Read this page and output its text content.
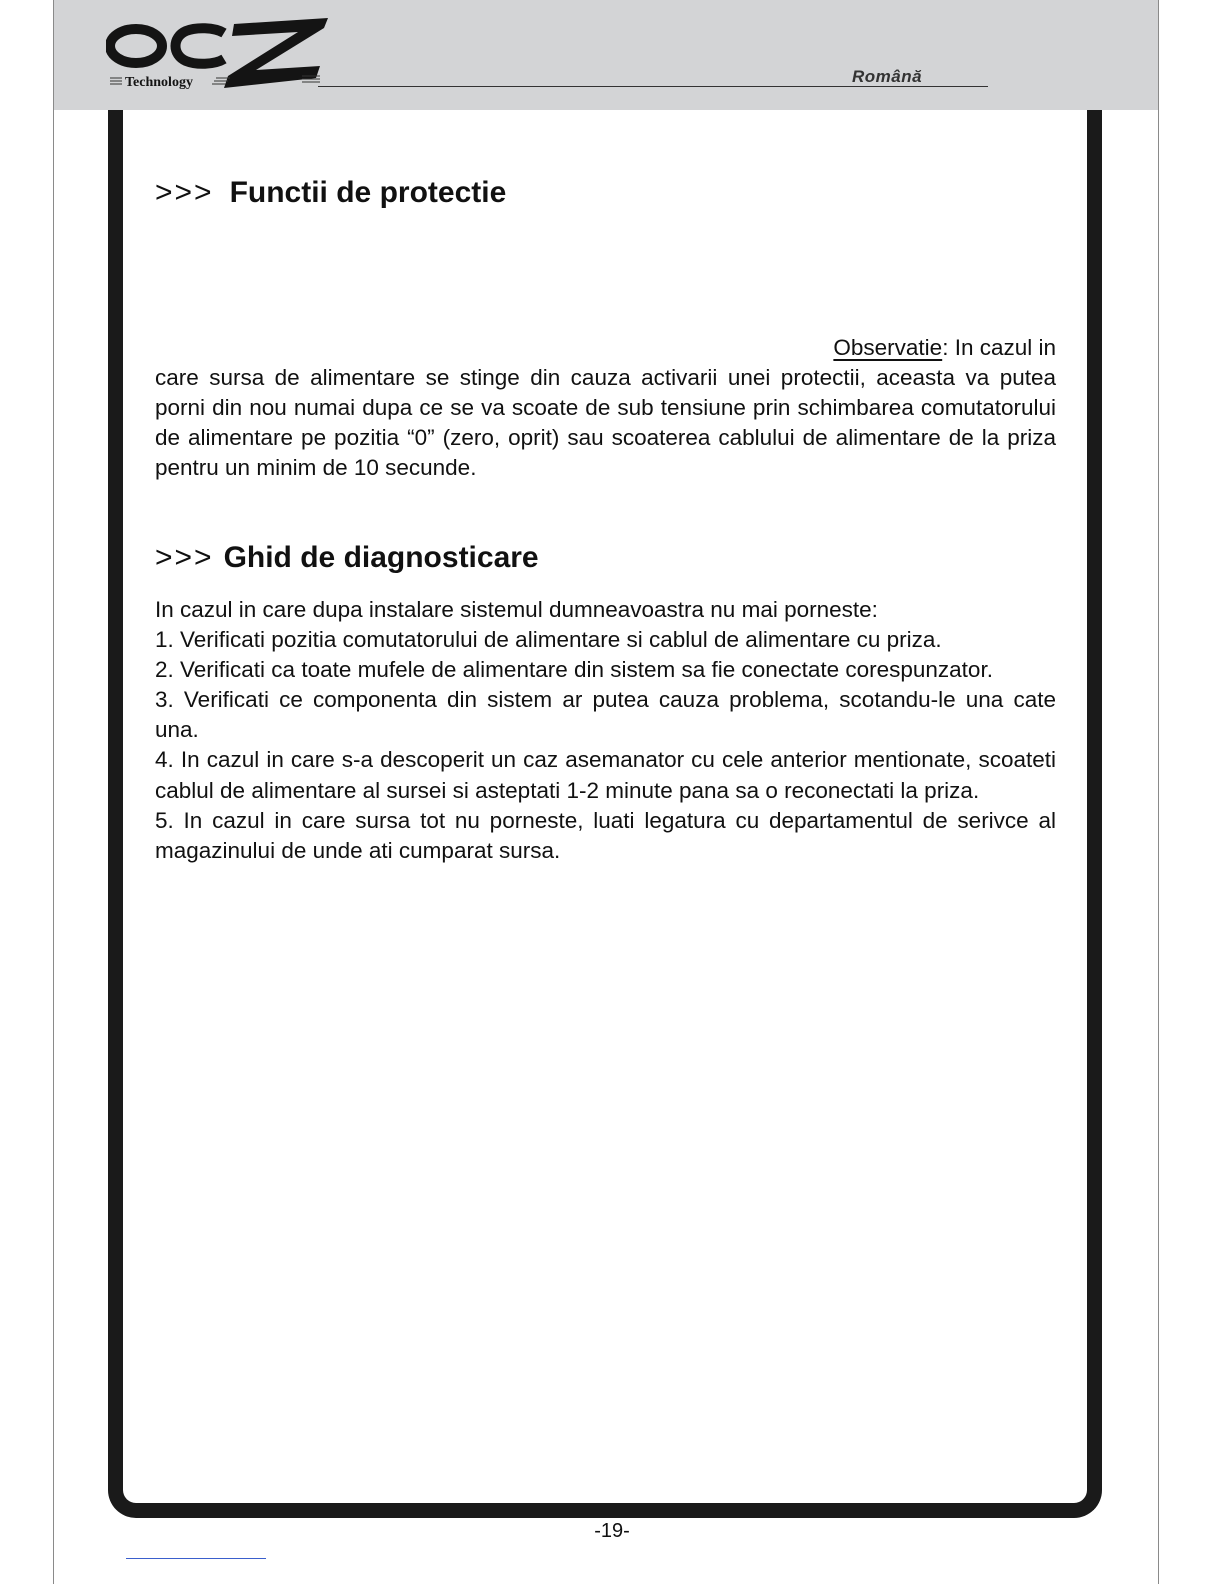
Technology	Română
>>> Functii de protectie
Observatie: In cazul in
care sursa de alimentare se stinge din cauza activarii unei protectii, aceasta va putea porni din nou numai dupa ce se va scoate de sub tensiune prin schimbarea comutatorului de alimentare pe pozitia “0” (zero, oprit) sau scoaterea cablului de alimentare de la priza pentru un minim de 10 secunde.
>>> Ghid de diagnosticare

In cazul in care dupa instalare sistemul dumneavoastra nu mai porneste:

1. Verificati pozitia comutatorului de alimentare si cablul de alimentare cu priza.

2. Verificati ca toate mufele de alimentare din sistem sa fie conectate corespunzator.

3. Verificati ce componenta din sistem ar putea cauza problema, scotandu-le una cate una.

4. In cazul in care s-a descoperit un caz asemanator cu cele anterior mentionate, scoateti cablul de alimentare al sursei si asteptati 1-2 minute pana sa o reconectati la priza.

5. In cazul in care sursa tot nu porneste, luati legatura cu departamentul de serivce al magazinului de unde ati cumparat sursa.

-19-
